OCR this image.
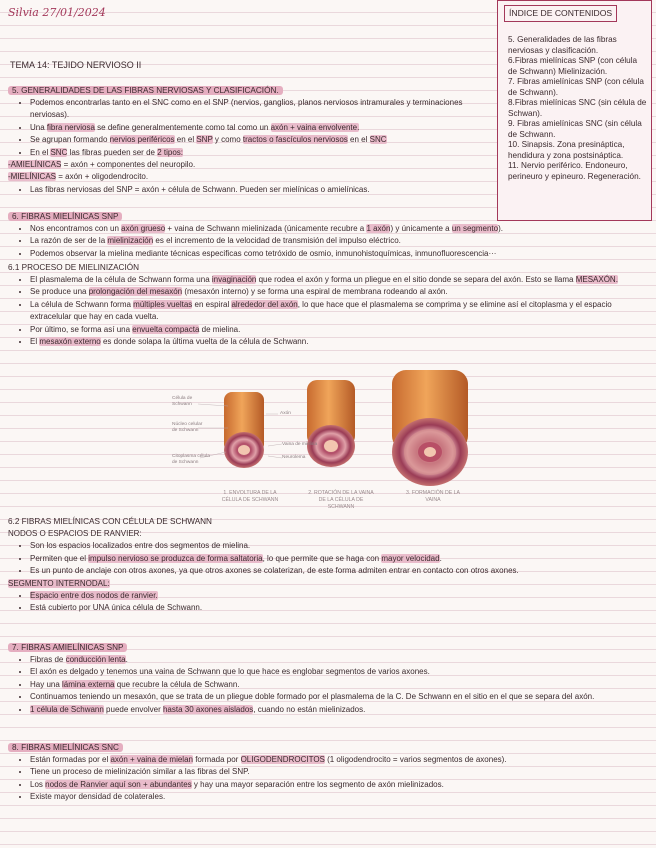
Silvia 27/01/2024	ÍNDICE DE CONTENIDOS
5. Generalidades de las fibras nerviosas y clasificación.
6.Fibras mielínicas SNP (con célula de Schwann) Mielinización.
7. Fibras amielínicas SNP (con célula de Schwann).
8.Fibras mielínicas SNC (sin célula de Schwan).
9. Fibras amielínicas SNC (sin célula de Schwann.
10. Sinapsis. Zona presináptica, hendidura y zona postsináptica.
11. Nervio periférico. Endoneuro, perineuro y epineuro. Regeneración.
TEMA 14: TEJIDO NERVIOSO II
5. GENERALIDADES DE LAS FIBRAS NERVIOSAS Y CLASIFICACIÓN.
• Podemos encontrarlas tanto en el SNC como en el SNP (nervios, ganglios, planos nerviosos intramurales y terminaciones nerviosas).
• Una fibra nerviosa se define generalmentemente como tal como un axón + vaina envolvente.
• Se agrupan formando nervios periféricos en el SNP y como tractos o fascículos nerviosos en el SNC
• En el SNC las fibras pueden ser de 2 tipos:
-AMIELÍNICAS = axón + componentes del neuropilo.
-MIELÍNICAS = axón + oligodendrocito.
• Las fibras nerviosas del SNP = axón + célula de Schwann. Pueden ser mielínicas o amielínicas.
6. FIBRAS MIELÍNICAS SNP
• Nos encontramos con un axón grueso + vaina de Schwann mielinizada (únicamente recubre a 1 axón) y únicamente a un segmento).
• La razón de ser de la mielinización es el incremento de la velocidad de transmisión del impulso eléctrico.
• Podemos observar la mielina mediante técnicas especificas como tetróxido de osmio, inmunohistoquímicas, inmunofluorescencia···
6.1 PROCESO DE MIELINIZACIÓN
• El plasmalema de la célula de Schwann forma una invaginación que rodea el axón y forma un pliegue en el sitio donde se separa del axón. Esto se llama MESAXÓN.
• Se produce una prolongación del mesaxón (mesaxón interno) y se forma una espiral de membrana rodeando al axón.
• La célula de Schwann forma múltiples vueltas en espiral alrededor del axón, lo que hace que el plasmalema se comprima y se elimine así el citoplasma y el espacio extracelular que hay en cada vuelta.
• Por último, se forma así una envuelta compacta de mielina.
• El mesaxón externo es donde solapa la última vuelta de la célula de Schwann.
Célula de Schwann
Núcleo celular de Schwann
Citoplasma célula de Schwann
Axón
Vaina de mielina
Neurolema
1. ENVOLTURA DE LA CÉLULA DE SCHWANN
2. ROTACIÓN DE LA VAINA DE LA CÉLULA DE SCHWANN
3. FORMACIÓN DE LA VAINA
6.2 FIBRAS MIELÍNICAS CON CÉLULA DE SCHWANN
NODOS O ESPACIOS DE RANVIER:
• Son los espacios localizados entre dos segmentos de mielina.
• Permiten que el impulso nervioso se produzca de forma saltatoria, lo que permite que se haga con mayor velocidad.
• Es un punto de anclaje con otros axones, ya que otros axones se colaterizan, de este forma admiten entrar en contacto con otros axones.
SEGMENTO INTERNODAL:
• Espacio entre dos nodos de ranvier.
• Está cubierto por UNA única célula de Schwann.
7. FIBRAS AMIELÍNICAS SNP
• Fibras de conducción lenta.
• El axón es delgado y tenemos una vaina de Schwann que lo que hace es englobar segmentos de varios axones.
• Hay una lámina externa que recubre la célula de Schwann.
• Continuamos teniendo un mesaxón, que se trata de un pliegue doble formado por el plasmalema de la C. De Schwann en el sitio en el que se separa del axón.
• 1 célula de Schwann puede envolver hasta 30 axones aislados, cuando no están mielinizados.
8. FIBRAS MIELÍNICAS SNC
• Están formadas por el axón + vaina de mielan formada por OLIGODENDROCITOS (1 oligodendrocito = varios segmentos de axones).
• Tiene un proceso de mielinización similar a las fibras del SNP.
• Los nodos de Ranvier aquí son + abundantes y hay una mayor separación entre los segmento de axón mielinizados.
• Existe mayor densidad de colaterales.
